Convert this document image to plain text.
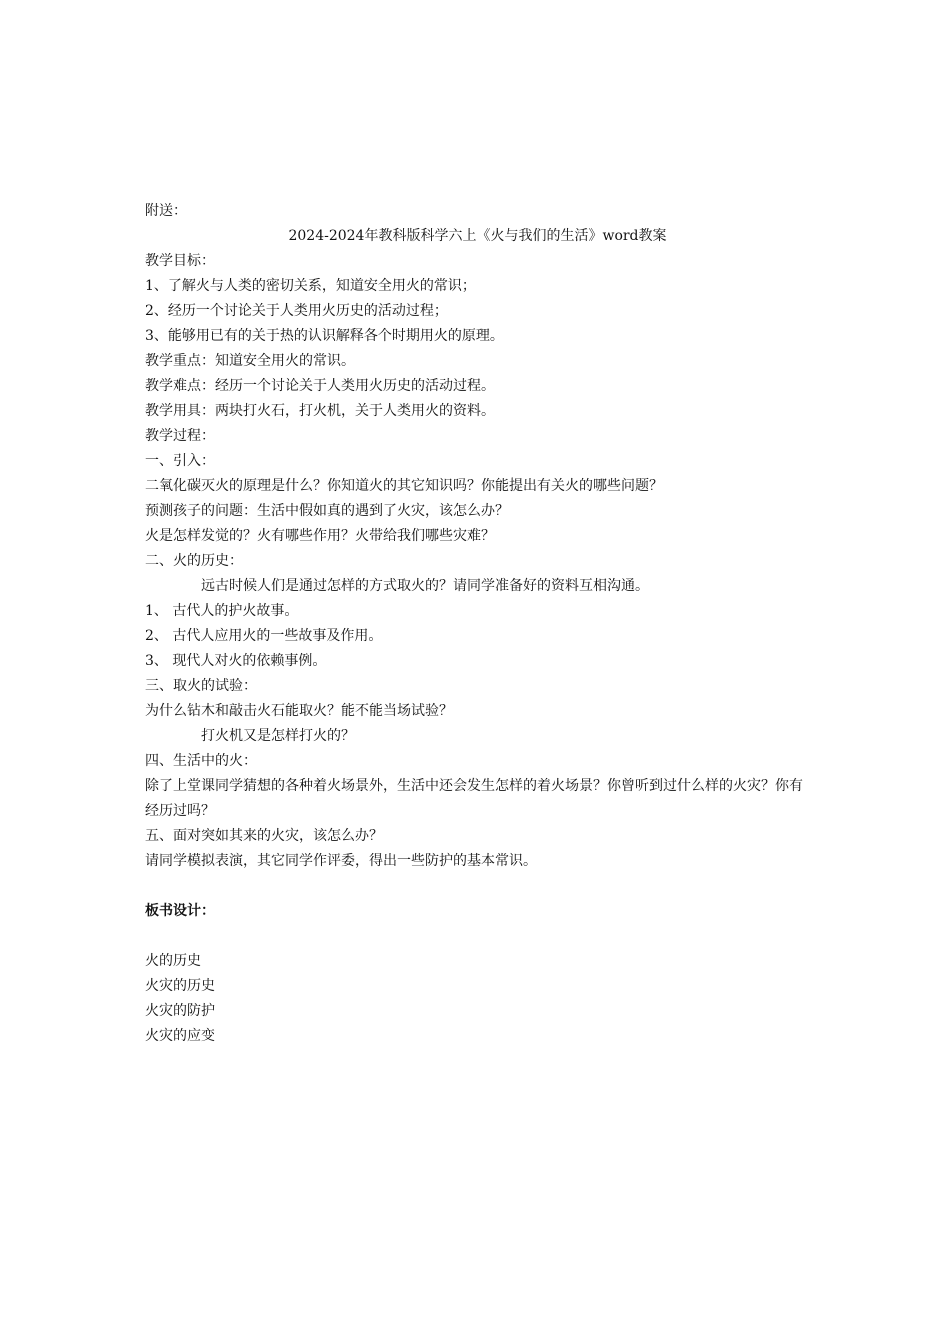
附送：
2024-2024年教科版科学六上《火与我们的生活》word教案
教学目标：
1、了解火与人类的密切关系，知道安全用火的常识；
2、经历一个讨论关于人类用火历史的活动过程；
3、能够用已有的关于热的认识解释各个时期用火的原理。
教学重点：知道安全用火的常识。
教学难点：经历一个讨论关于人类用火历史的活动过程。
教学用具：两块打火石，打火机，关于人类用火的资料。
教学过程：
一、引入：
二氧化碳灭火的原理是什么？你知道火的其它知识吗？你能提出有关火的哪些问题？
预测孩子的问题：生活中假如真的遇到了火灾，该怎么办？
火是怎样发觉的？火有哪些作用？火带给我们哪些灾难？
二、火的历史：
远古时候人们是通过怎样的方式取火的？请同学准备好的资料互相沟通。
1、 古代人的护火故事。
2、 古代人应用火的一些故事及作用。
3、 现代人对火的依赖事例。
三、取火的试验：
为什么钻木和敲击火石能取火？能不能当场试验？
打火机又是怎样打火的？
四、生活中的火：
除了上堂课同学猜想的各种着火场景外，生活中还会发生怎样的着火场景？你曾听到过什么样的火灾？你有经历过吗？
五、面对突如其来的火灾，该怎么办？
请同学模拟表演，其它同学作评委，得出一些防护的基本常识。
板书设计：
火的历史
火灾的历史
火灾的防护
火灾的应变
